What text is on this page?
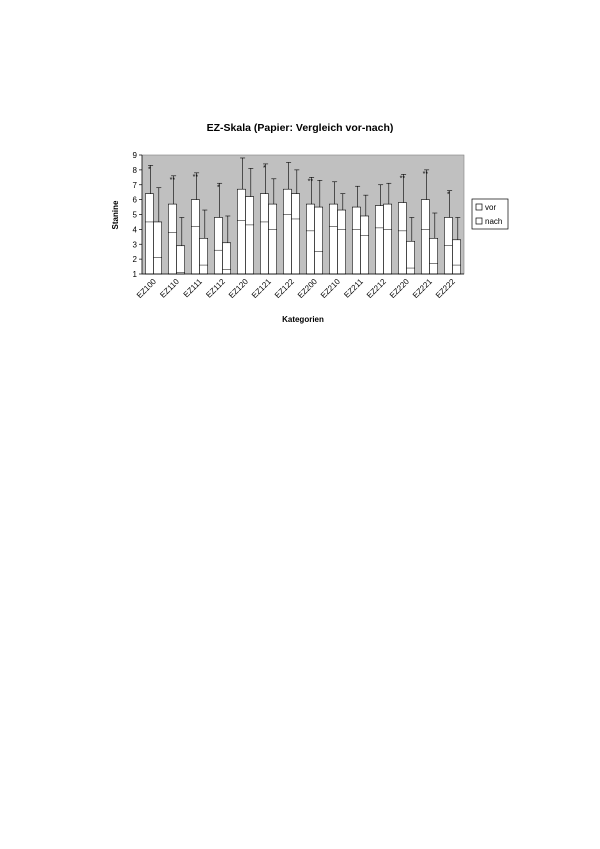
EZ-Skala (Papier: Vergleich vor-nach)
1
2
3
4
5
6
7
8
9
*
**	**
*
*
**	**
**
*
EZ100 EZ110 EZ111 EZ112 EZ120 EZ121 EZ122 EZ200 EZ210 EZ211 EZ212 EZ220 EZ221 EZ222
Stanine
Kategorien
vor
nach
